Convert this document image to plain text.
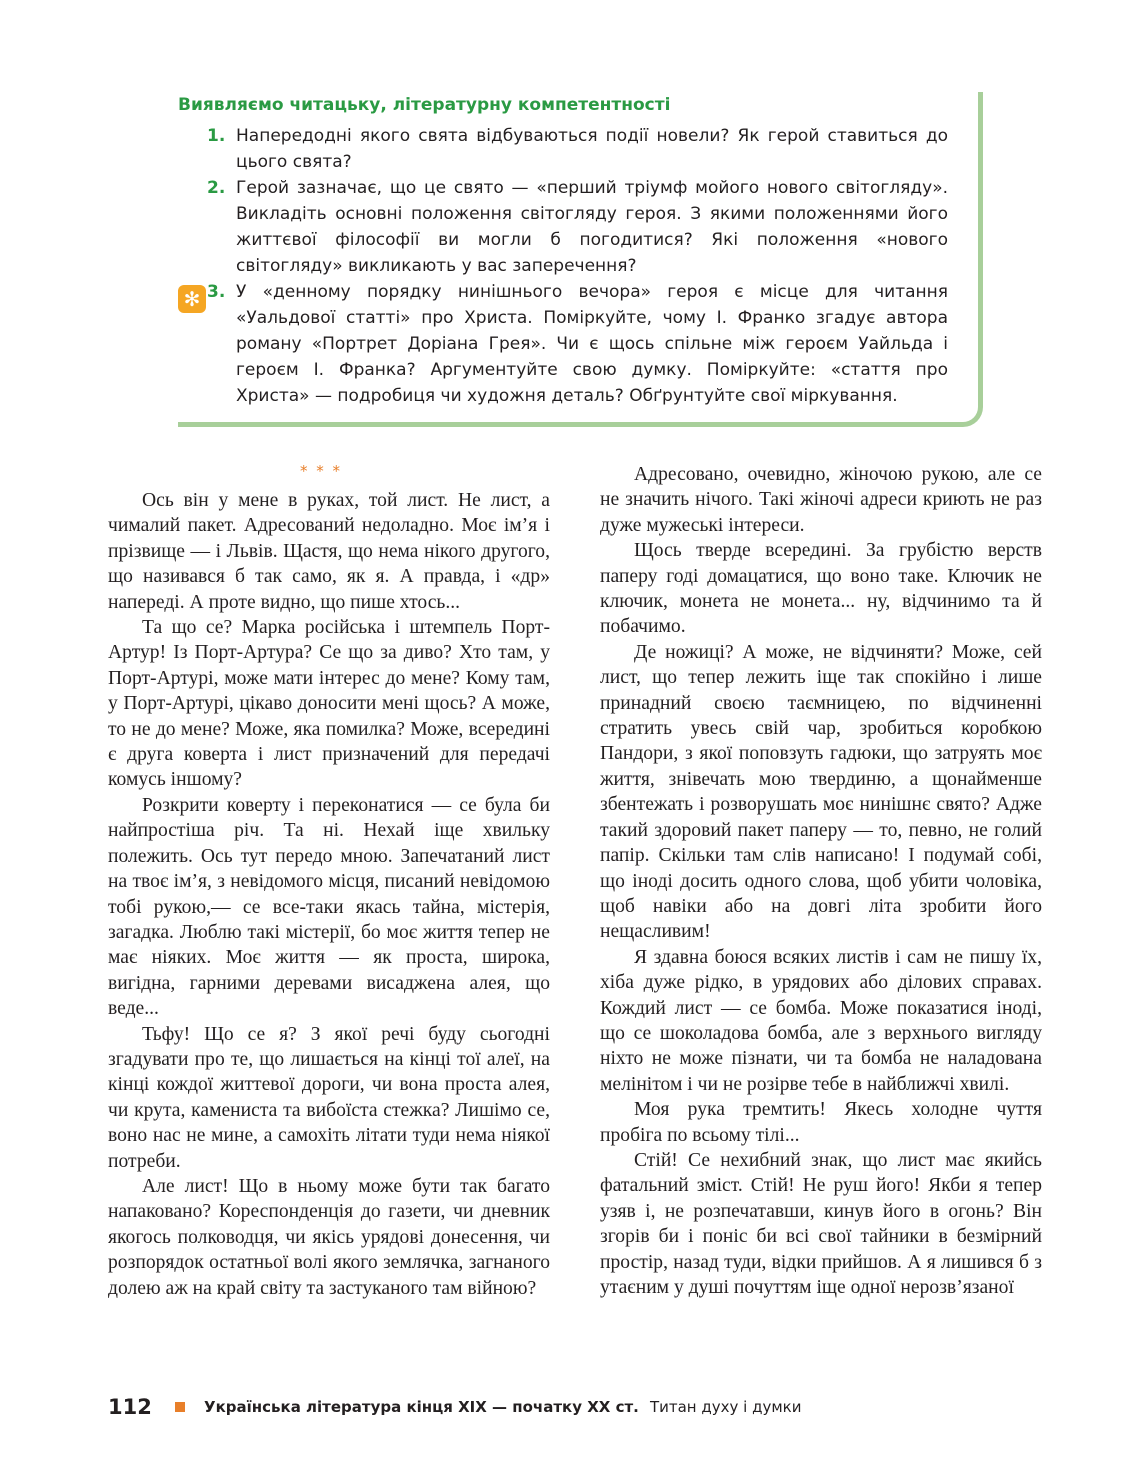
Виявляємо читацьку, літературну компетентності
1. Напередодні якого свята відбуваються події новели? Як герой ставиться до цього свята?
2. Герой зазначає, що це свято — «перший тріумф мойого нового світогляду». Викладіть основні положення світогляду героя. З якими положеннями його життєвої філософії ви могли б погодитися? Які положення «нового світогляду» викликають у вас заперечення?
3. У «денному порядку нинішнього вечора» героя є місце для читання «Уальдової статті» про Христа. Поміркуйте, чому І. Франко згадує автора роману «Портрет Доріана Грея». Чи є щось спільне між героєм Уайльда і героєм І. Франка? Аргументуйте свою думку. Поміркуйте: «стаття про Христа» — подробиця чи художня деталь? Обґрунтуйте свої міркування.
✻
* * *

Ось він у мене в руках, той лист. Не лист, а чималий пакет. Адресований недоладно. Моє ім’я і прізвище — і Львів. Щастя, що нема нікого другого, що називався б так само, як я. А правда, і «др» напереді. А проте видно, що пише хтось...

Та що се? Марка російська і штемпель Порт-Артур! Із Порт-Артура? Се що за диво? Хто там, у Порт-Артурі, може мати інтерес до мене? Кому там, у Порт-Артурі, цікаво доносити мені щось? А може, то не до мене? Може, яка помилка? Може, всередині є друга коверта і лист призначений для передачі комусь іншому?

Розкрити коверту і переконатися — се була би найпростіша річ. Та ні. Нехай іще хвильку полежить. Ось тут передо мною. Запечатаний лист на твоє ім’я, з невідомого місця, писаний невідомою тобі рукою,— се все-таки якась тайна, містерія, загадка. Люблю такі містерії, бо моє життя тепер не має ніяких. Моє життя — як проста, широка, вигідна, гарними деревами висаджена алея, що веде...

Тьфу! Що се я? З якої речі буду сьогодні згадувати про те, що лишається на кінці тої алеї, на кінці кождої життевої дороги, чи вона проста алея, чи крута, камениста та вибоїста стежка? Лишімо се, воно нас не мине, а самохіть літати туди нема ніякої потреби.

Але лист! Що в ньому може бути так багато напаковано? Кореспонденція до газети, чи дневник якогось полководця, чи якісь урядові донесення, чи розпорядок остатньої волі якого землячка, загнаного долею аж на край світу та застуканого там війною?

Адресовано, очевидно, жіночою рукою, але се не значить нічого. Такі жіночі адреси криють не раз дуже мужеські інтереси.

Щось тверде всередині. За грубістю верств паперу годі домацатися, що воно таке. Ключик не ключик, монета не монета... ну, відчинимо та й побачимо.

Де ножиці? А може, не відчиняти? Може, сей лист, що тепер лежить іще так спокійно і лише принадний своєю таємницею, по відчиненні стратить увесь свій чар, зробиться коробкою Пандори, з якої поповзуть гадюки, що затруять моє життя, знівечать мою твердиню, а щонайменше збентежать і розворушать моє нинішнє свято? Адже такий здоровий пакет паперу — то, певно, не голий папір. Скільки там слів написано! І подумай собі, що іноді досить одного слова, щоб убити чоловіка, щоб навіки або на довгі літа зробити його нещасливим!

Я здавна боюся всяких листів і сам не пишу їх, хіба дуже рідко, в урядових або ділових справах. Кождий лист — се бомба. Може показатися іноді, що се шоколадова бомба, але з верхнього вигляду ніхто не може пізнати, чи та бомба не наладована мелінітом і чи не розірве тебе в найближчі хвилі.

Моя рука тремтить! Якесь холодне чуття пробіга по всьому тілі...

Стій! Се нехибний знак, що лист має якийсь фатальний зміст. Стій! Не руш його! Якби я тепер узяв і, не розпечатавши, кинув його в огонь? Він згорів би і поніс би всі свої тайники в безмірний простір, назад туди, відки прийшов. А я лишився б з утаєним у душі почуттям іще одної нерозв’язаної

112	Українська література кінця ХІХ — початку ХХ ст. Титан духу і думки
